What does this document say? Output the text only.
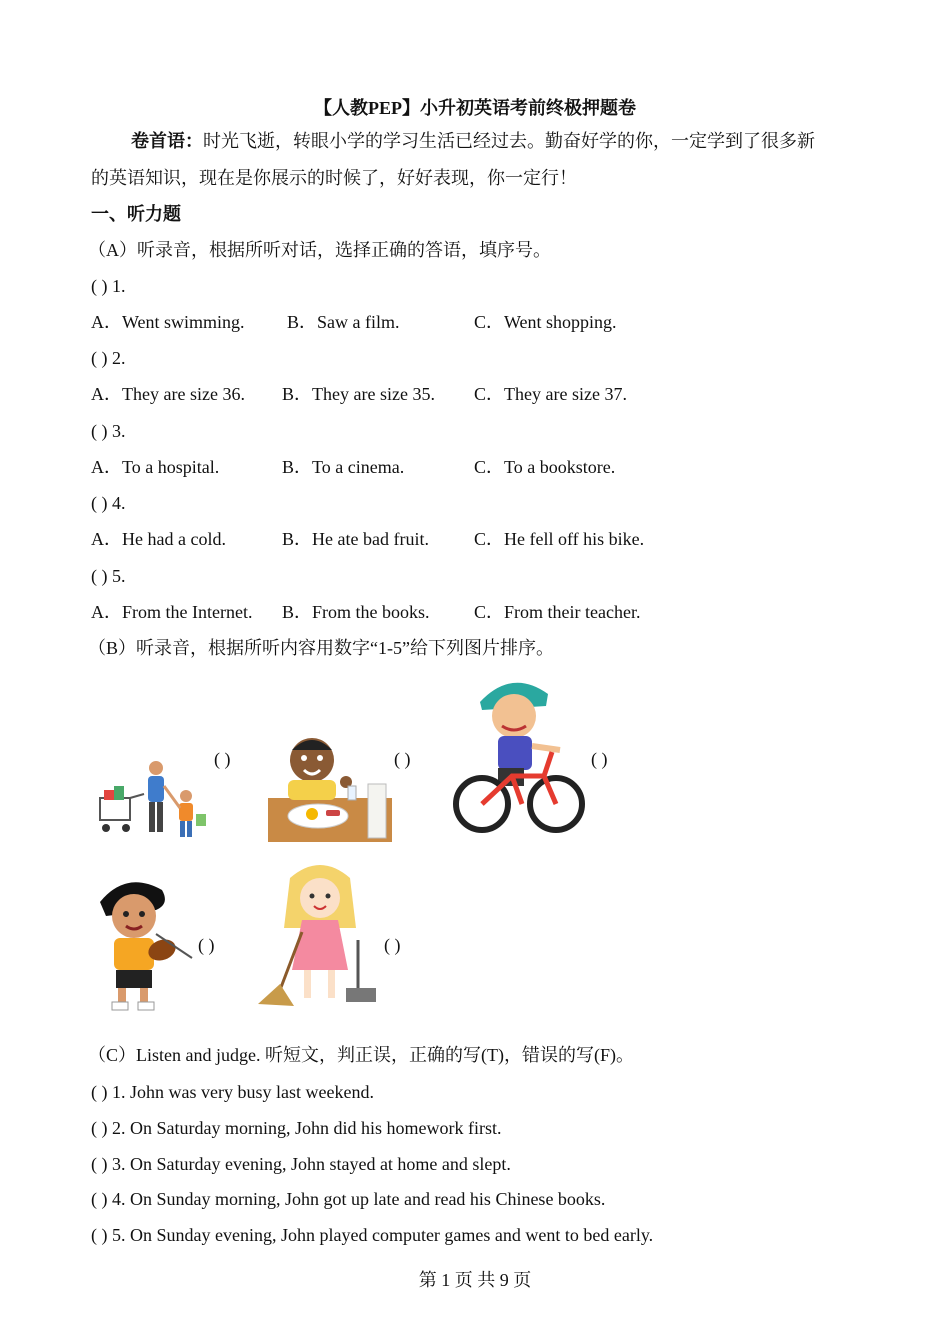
【人教PEP】小升初英语考前终极押题卷
卷首语：时光飞逝，转眼小学的学习生活已经过去。勤奋好学的你，一定学到了很多新
的英语知识，现在是你展示的时候了，好好表现，你一定行！
一、听力题
（A）听录音，根据所听对话，选择正确的答语，填序号。
( ) 1.
A．Went swimming. B．Saw a film.	C．Went shopping.
( ) 2.
A．They are size 36. B．They are size 35. C．They are size 37.
( ) 3.
A．To a hospital.	B．To a cinema.	C．To a bookstore.
( ) 4.
A．He had a cold.	B．He ate bad fruit.	C．He fell off his bike.
( ) 5.
A．From the Internet. B．From the books. C．From their teacher.
（B）听录音，根据所听内容用数字“1-5”给下列图片排序。
( )	( )	( )
( )	( )
（C）Listen and judge. 听短文，判正误，正确的写(T)，错误的写(F)。
( ) 1. John was very busy last weekend.
( ) 2. On Saturday morning, John did his homework first.
( ) 3. On Saturday evening, John stayed at home and slept.
( ) 4. On Sunday morning, John got up late and read his Chinese books.
( ) 5. On Sunday evening, John played computer games and went to bed early.
第 1 页 共 9 页
